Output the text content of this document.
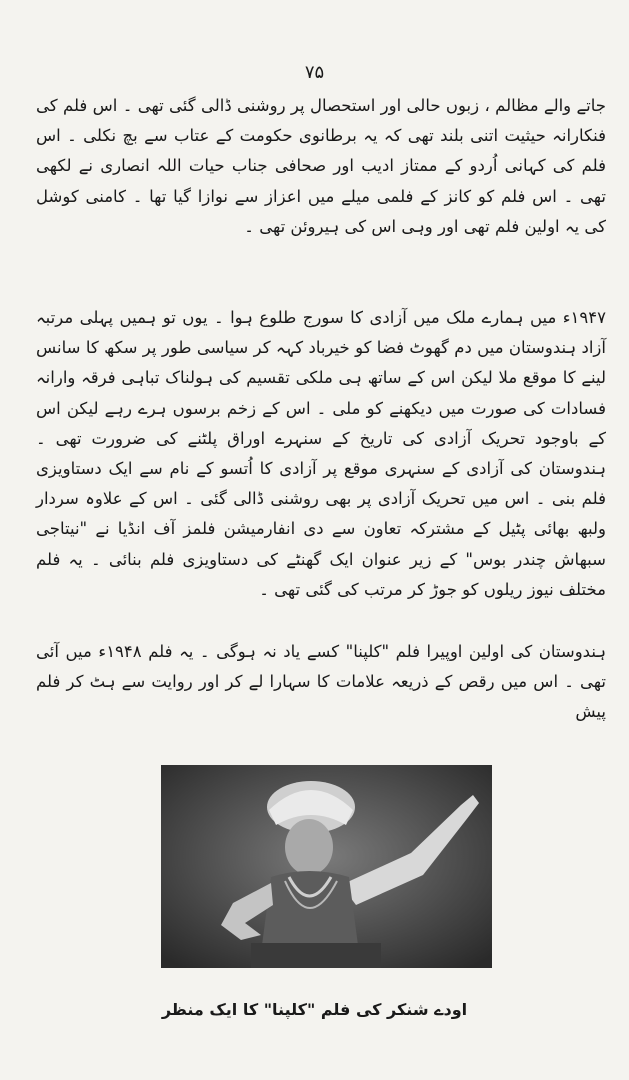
۷۵

جاتے والے مظالم ، زبوں حالی اور استحصال پر روشنی ڈالی گئی تھی ۔ اس فلم کی فنکارانہ حیثیت اتنی بلند تھی کہ یہ برطانوی حکومت کے عتاب سے بچ نکلی ۔ اس فلم کی کہانی اُردو کے ممتاز ادیب اور صحافی جناب حیات اللہ انصاری نے لکھی تھی ۔ اس فلم کو کانز کے فلمی میلے میں اعزاز سے نوازا گیا تھا ۔ کامنی کوشل کی یہ اولین فلم تھی اور وہی اس کی ہیروئن تھی ۔

۱۹۴۷ء میں ہمارے ملک میں آزادی کا سورج طلوع ہوا ۔ یوں تو ہمیں پہلی مرتبہ آزاد ہندوستان میں دم گھوٹ فضا کو خیرباد کہہ کر سیاسی طور پر سکھ کا سانس لینے کا موقع ملا لیکن اس کے ساتھ ہی ملکی تقسیم کی ہولناک تباہی فرقہ وارانہ فسادات کی صورت میں دیکھنے کو ملی ۔ اس کے زخم برسوں ہرے رہے لیکن اس کے باوجود تحریک آزادی کی تاریخ کے سنہرے اوراق پلٹنے کی ضرورت تھی ۔ ہندوستان کی آزادی کے سنہری موقع پر آزادی کا اُتسو کے نام سے ایک دستاویزی فلم بنی ۔ اس میں تحریک آزادی پر بھی روشنی ڈالی گئی ۔ اس کے علاوہ سردار ولبھ بھائی پٹیل کے مشترکہ تعاون سے دی انفارمیشن فلمز آف انڈیا نے "نیتاجی سبھاش چندر بوس" کے زیر عنوان ایک گھنٹے کی دستاویزی فلم بنائی ۔ یہ فلم مختلف نیوز ریلوں کو جوڑ کر مرتب کی گئی تھی ۔

ہندوستان کی اولین اوپیرا فلم "کلپنا" کسے یاد نہ ہوگی ۔ یہ فلم ۱۹۴۸ء میں آئی تھی ۔ اس میں رقص کے ذریعہ علامات کا سہارا لے کر اور روایت سے ہٹ کر فلم پیش

اودے شنکر کی فلم "کلپنا" کا ایک منظر
